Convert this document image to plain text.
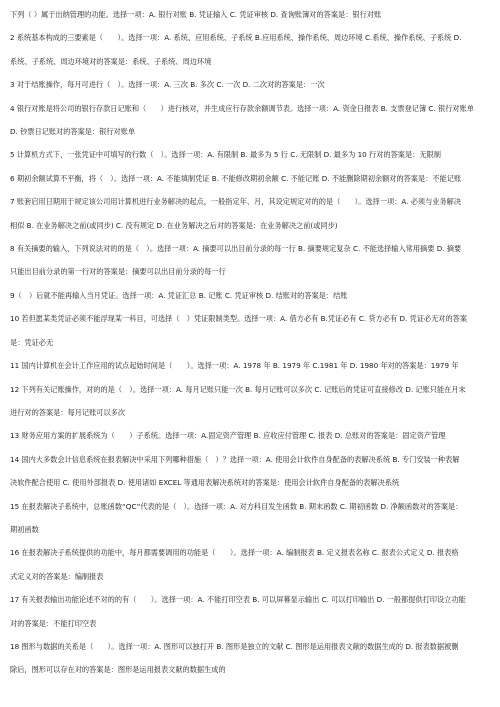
下列（ ）属于出纳管理的功能。选择一项：A. 银行对账 B. 凭证输入 C. 凭证审核 D. 查询账簿对的答案是：银行对账

2 系统基本构成的三要素是（　　）。选择一项：A. 系统、应用系统、子系统 B.应用系统、操作系统、周边环境 C.系统、操作系统、子系统 D.
系统、子系统、周边环境对的答案是：系统、子系统、周边环境

3 对于结账操作，每月可进行（　）。选择一项：A. 三次 B. 多次 C. 一次 D. 二次对的答案是：一次

4 银行对账是将公司的银行存款日记账和（　　）进行核对，并生成应行存款余额调节表。选择一项：A. 资金日报表 B. 支票登记簿 C. 银行对账单
D. 钞票日记账对的答案是：银行对账单

5 计算机方式下，一张凭证中可填写的行数（　）。选择一项：A. 有限制 B. 最多为 5 行 C. 无限制 D. 最多为 10 行对的答案是：无限制

6 期初余额试算不平衡，将（　）。选择一项：A. 不能填制凭证 B. 不能修改期初余额 C. 不能记账 D. 不能删除期初余额对的答案是：不能记账

7 账套启用日期用于规定该公司用计算机进行业务解决的起点，一般指定年、月，其设定规定对的的是（　　）。选择一项：A. 必须与业务解决
相似 B. 在业务解决之前(或同步) C. 没有规定 D. 在业务解决之后对的答案是：在业务解决之前(或同步)

8 有关摘要的输入，下列说法对的的是（　）。选择一项：A. 摘要可以出目前分录的每一行 B. 摘要规定复杂 C. 不能选择输入常用摘要 D. 摘要
只能出目前分录的第一行对的答案是：摘要可以出目前分录的每一行

9（　）后就不能再输入当月凭证。选择一项：A. 凭证汇总 B. 记账 C. 凭证审核 D. 结账对的答案是：结账

10 若但愿某类凭证必须不能浮现某一科目，可选择（　）凭证限制类型。选择一项：A. 借方必有 B.凭证必有 C. 贷方必有 D. 凭证必无对的答案
是：凭证必无

11 国内计算机在会计工作应用的试点起始时间是（　　）。选择一项：A. 1978 年 B. 1979 年 C.1981 年 D. 1980 年对的答案是：1979 年

12 下列有关记账操作，对的的是（　）。选择一项：A. 每月记账只能一次 B. 每月记账可以多次 C. 记账后的凭证可直接修改 D. 记账只能在月末
进行对的答案是：每月记账可以多次

13 财务应用方案的扩展系统为（　　）子系统。选择一项：A.固定资产管理 B. 应收应付管理 C. 报表 D. 总账对的答案是：固定资产管理

14 国内大多数会计信息系统在报表解决中采用下列哪种措施（　）？选择一项：A. 使用会计软件自身配备的表解决系统 B. 专门安装一种表解
决软件配合使用 C. 使用外部报表 D. 使用诸如 EXCEL 等通用表解决系统对的答案是：使用会计软件自身配备的表解决系统

15 在报表解决子系统中，总账函数“QC”代表的是（　）。选择一项：A. 对方科目发生函数 B. 期末函数 C. 期初函数 D. 净额函数对的答案是：
期初函数

16 在报表解决子系统提供的功能中，每月都需要调用的功能是（　　）。选择一项：A. 编制报表 B. 定义报表名称 C. 报表公式定义 D. 报表格
式定义对的答案是：编制报表

17 有关报表输出功能论述不对的的有（　　）。选择一项：A. 不能打印空表 B. 可以屏幕显示输出 C. 可以打印输出 D. 一般都提供打印设立功能
对的答案是：不能打印空表

18 图形与数据的关系是（　　）。选择一项：A. 图形可以独打开 B. 图形是独立的文献 C. 图形是运用报表文献的数据生成的 D. 报表数据被删
除后，图形可以存在对的答案是：图形是运用报表文献的数据生成的
